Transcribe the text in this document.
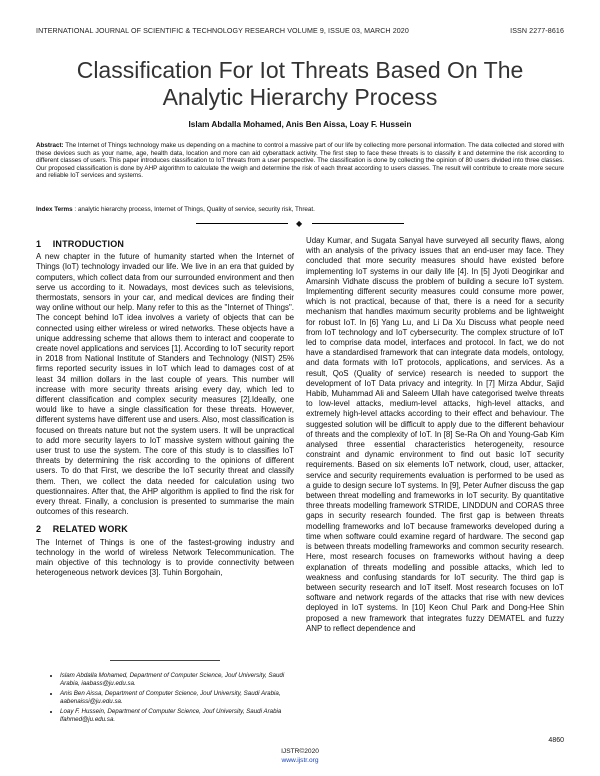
INTERNATIONAL JOURNAL OF SCIENTIFIC & TECHNOLOGY RESEARCH VOLUME 9, ISSUE 03, MARCH 2020	ISSN 2277-8616
Classification For Iot Threats Based On The
Analytic Hierarchy Process
Islam Abdalla Mohamed, Anis Ben Aissa, Loay F. Hussein
Abstract: The Internet of Things technology make us depending on a machine to control a massive part of our life by collecting more personal information. The data collected and stored with these devices such as your name, age, health data, location and more can aid cyberattack activity. The first step to face these threats is to classify it and determine the risk according to different classes of users. This paper introduces classification to IoT threats from a user perspective. The classification is done by collecting the opinion of 80 users divided into three classes. Our proposed classification is done by AHP algorithm to calculate the weigh and determine the risk of each threat according to users classes. The result will contribute to create more secure and reliable IoT services and systems.
Index Terms : analytic hierarchy process, Internet of Things, Quality of service, security risk, Threat.
◆
1 INTRODUCTION

A new chapter in the future of humanity started when the Internet of Things (IoT) technology invaded our life. We live in an era that guided by computers, which collect data from our surrounded environment and then serve us according to it. Nowadays, most devices such as televisions, thermostats, sensors in your car, and medical devices are finding their way online without our help. Many refer to this as the "Internet of Things". The concept behind IoT idea involves a variety of objects that can be connected using either wireless or wired networks. These objects have a unique addressing scheme that allows them to interact and cooperate to create novel applications and services [1]. According to IoT security report in 2018 from National Institute of Standers and Technology (NIST) 25% firms reported security issues in IoT which lead to damages cost of at least 34 million dollars in the last couple of years. This number will increase with more security threats arising every day, which led to different classification and complex security measures [2].Ideally, one would like to have a single classification for these threats. However, different systems have different use and users. Also, most classification is focused on threats nature but not the system users. It will be unpractical to add more security layers to IoT massive system without gaining the user trust to use the system. The core of this study is to classifies IoT threats by determining the risk according to the opinions of different users. To do that First, we describe the IoT security threat and classify them. Then, we collect the data needed for calculation using two questionnaires. After that, the AHP algorithm is applied to find the risk for every threat. Finally, a conclusion is presented to summarise the main outcomes of this research.

2 RELATED WORK

The Internet of Things is one of the fastest-growing industry and technology in the world of wireless Network Telecommunication. The main objective of this technology is to provide connectivity between heterogeneous network devices [3]. Tuhin Borgohain,

Uday Kumar, and Sugata Sanyal have surveyed all security flaws, along with an analysis of the privacy issues that an end-user may face. They concluded that more security measures should have existed before implementing IoT systems in our daily life [4]. In [5] Jyoti Deogirikar and Amarsinh Vidhate discuss the problem of building a secure IoT system. Implementing different security measures could consume more power, which is not practical, because of that, there is a need for a security mechanism that handles maximum security problems and be lightweight for robust IoT. In [6] Yang Lu, and Li Da Xu Discuss what people need from IoT technology and IoT cybersecurity. The complex structure of IoT led to comprise data model, interfaces and protocol. In fact, we do not have a standardised framework that can integrate data models, ontology, and data formats with IoT protocols, applications, and services. As a result, QoS (Quality of service) research is needed to support the development of IoT Data privacy and integrity. In [7] Mirza Abdur, Sajid Habib, Muhammad Ali and Saleem Ullah have categorised twelve threats to low-level attacks, medium-level attacks, high-level attacks, and extremely high-level attacks according to their effect and behaviour. The suggested solution will be difficult to apply due to the different behaviour of threats and the complexity of IoT. In [8] Se-Ra Oh and Young-Gab Kim analysed three essential characteristics heterogeneity, resource constraint and dynamic environment to find out basic IoT security requirements. Based on six elements IoT network, cloud, user, attacker, service and security requirements evaluation is performed to be used as a guide to design secure IoT systems. In [9], Peter Aufner discuss the gap between threat modelling and frameworks in IoT security. By quantitative three threats modelling framework STRIDE, LINDDUN and CORAS three gaps in security research founded. The first gap is between threats modelling frameworks and IoT because frameworks developed during a time when software could examine regard of hardware. The second gap is between threats modelling frameworks and common security research. Here, most research focuses on frameworks without having a deep explanation of threats modelling and possible attacks, which led to weakness and confusing standards for IoT security. The third gap is between security research and IoT itself. Most research focuses on IoT software and network regards of the attacks that rise with new devices deployed in IoT systems. In [10] Keon Chul Park and Dong-Hee Shin proposed a new framework that integrates fuzzy DEMATEL and fuzzy ANP to reflect dependence and

• Islam Abdalla Mohamed, Department of Computer Science, Jouf University, Saudi Arabia, iaabass@ju.edu.sa.
• Anis Ben Aissa, Department of Computer Science, Jouf University, Saudi Arabia, aabenaissi@ju.edu.sa.
• Loay F. Hussein, Department of Computer Science, Jouf University, Saudi Arabia lfahmed@ju.edu.sa.
4860
IJSTR©2020
www.ijstr.org
